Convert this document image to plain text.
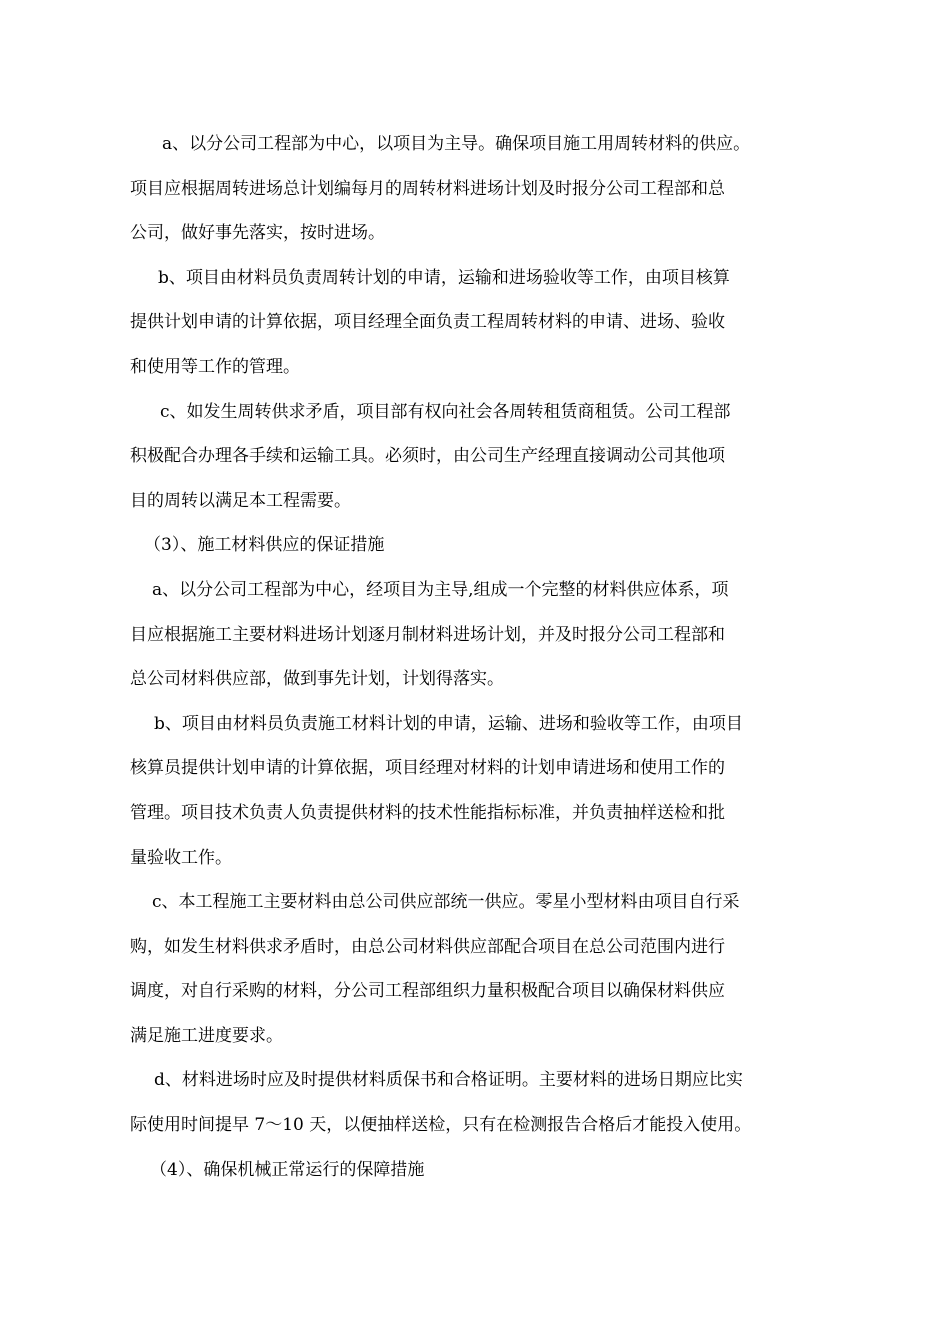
a、以分公司工程部为中心，以项目为主导。确保项目施工用周转材料的供应。
项目应根据周转进场总计划编每月的周转材料进场计划及时报分公司工程部和总
公司，做好事先落实，按时进场。
b、项目由材料员负责周转计划的申请，运输和进场验收等工作，由项目核算
提供计划申请的计算依据，项目经理全面负责工程周转材料的申请、进场、验收
和使用等工作的管理。
c、如发生周转供求矛盾，项目部有权向社会各周转租赁商租赁。公司工程部
积极配合办理各手续和运输工具。必须时，由公司生产经理直接调动公司其他项
目的周转以满足本工程需要。
（3）、施工材料供应的保证措施
a、以分公司工程部为中心，经项目为主导,组成一个完整的材料供应体系，项
目应根据施工主要材料进场计划逐月制材料进场计划，并及时报分公司工程部和
总公司材料供应部，做到事先计划，计划得落实。
b、项目由材料员负责施工材料计划的申请，运输、进场和验收等工作，由项目
核算员提供计划申请的计算依据，项目经理对材料的计划申请进场和使用工作的
管理。项目技术负责人负责提供材料的技术性能指标标准，并负责抽样送检和批
量验收工作。
c、本工程施工主要材料由总公司供应部统一供应。零星小型材料由项目自行采
购，如发生材料供求矛盾时，由总公司材料供应部配合项目在总公司范围内进行
调度，对自行采购的材料，分公司工程部组织力量积极配合项目以确保材料供应
满足施工进度要求。
d、材料进场时应及时提供材料质保书和合格证明。主要材料的进场日期应比实
际使用时间提早 7～10 天，以便抽样送检，只有在检测报告合格后才能投入使用。
（4）、确保机械正常运行的保障措施
